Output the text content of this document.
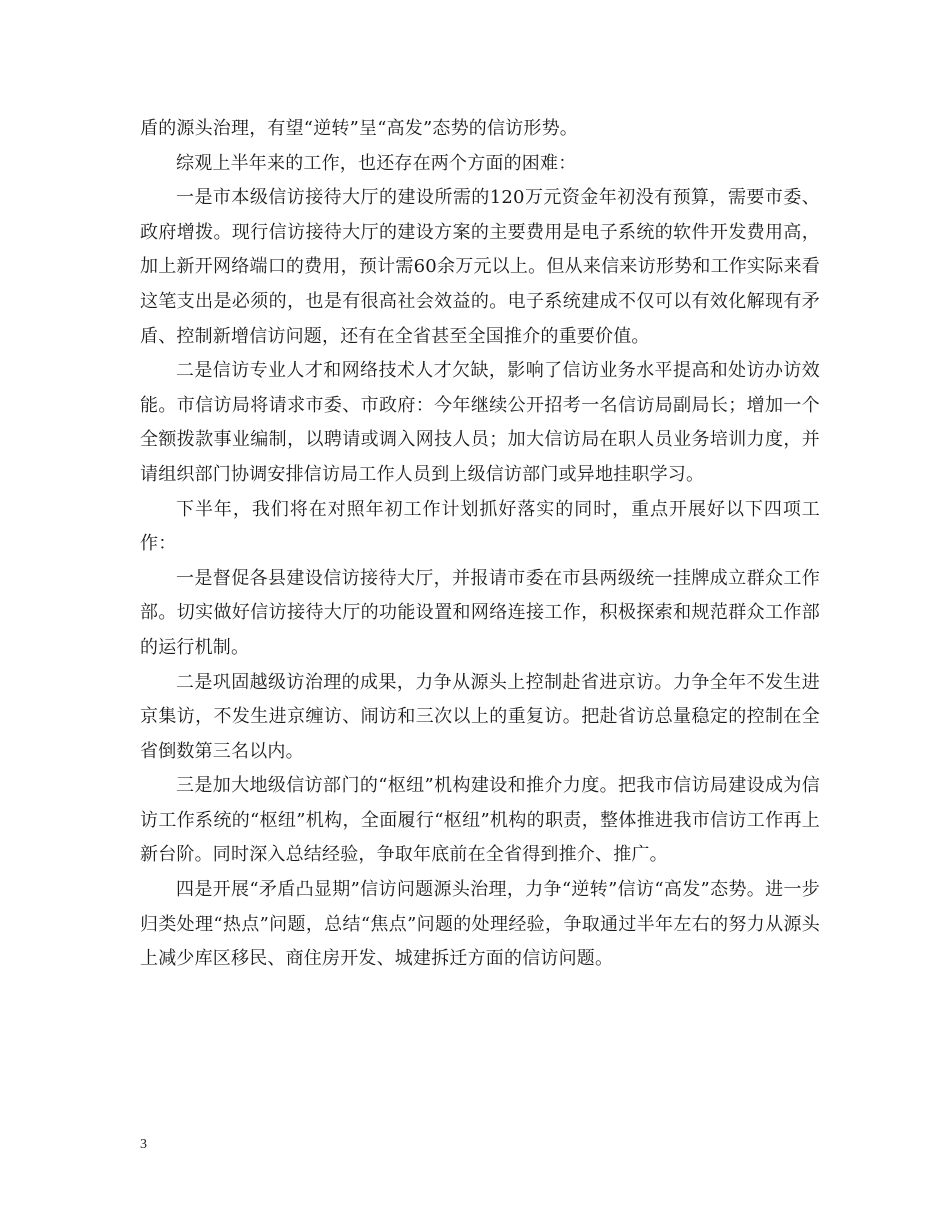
盾的源头治理，有望“逆转”呈“高发”态势的信访形势。

综观上半年来的工作，也还存在两个方面的困难：

一是市本级信访接待大厅的建设所需的120万元资金年初没有预算，需要市委、政府增拨。现行信访接待大厅的建设方案的主要费用是电子系统的软件开发费用高，加上新开网络端口的费用，预计需60余万元以上。但从来信来访形势和工作实际来看这笔支出是必须的，也是有很高社会效益的。电子系统建成不仅可以有效化解现有矛盾、控制新增信访问题，还有在全省甚至全国推介的重要价值。

二是信访专业人才和网络技术人才欠缺，影响了信访业务水平提高和处访办访效能。市信访局将请求市委、市政府：今年继续公开招考一名信访局副局长；增加一个全额拨款事业编制，以聘请或调入网技人员；加大信访局在职人员业务培训力度，并请组织部门协调安排信访局工作人员到上级信访部门或异地挂职学习。

下半年，我们将在对照年初工作计划抓好落实的同时，重点开展好以下四项工作：

一是督促各县建设信访接待大厅，并报请市委在市县两级统一挂牌成立群众工作部。切实做好信访接待大厅的功能设置和网络连接工作，积极探索和规范群众工作部的运行机制。

二是巩固越级访治理的成果，力争从源头上控制赴省进京访。力争全年不发生进京集访，不发生进京缠访、闹访和三次以上的重复访。把赴省访总量稳定的控制在全省倒数第三名以内。

三是加大地级信访部门的“枢纽”机构建设和推介力度。把我市信访局建设成为信访工作系统的“枢纽”机构，全面履行“枢纽”机构的职责，整体推进我市信访工作再上新台阶。同时深入总结经验，争取年底前在全省得到推介、推广。

四是开展“矛盾凸显期”信访问题源头治理，力争“逆转”信访“高发”态势。进一步归类处理“热点”问题，总结“焦点”问题的处理经验，争取通过半年左右的努力从源头上减少库区移民、商住房开发、城建拆迁方面的信访问题。

3
